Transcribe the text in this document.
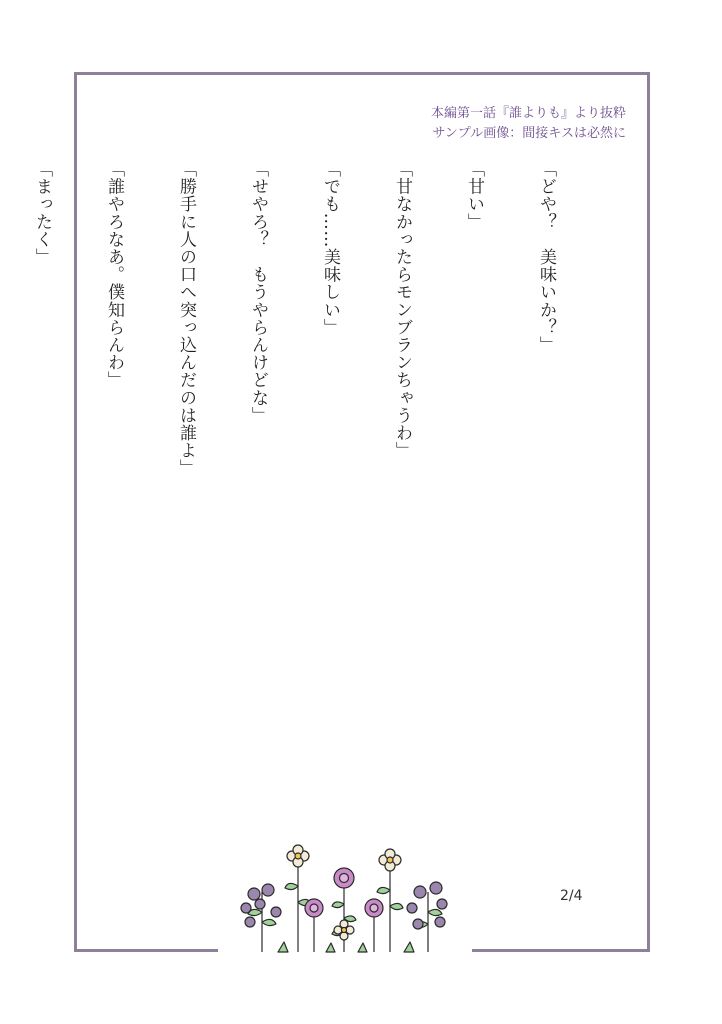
本編第一話『誰よりも』より抜粋
サンプル画像：間接キスは必然に

「どや？　美味いか？」

「甘い」

「甘なかったらモンブランちゃうわ」

「でも……美味しい」

「せやろ？　もうやらんけどな」

「勝手に人の口へ突っ込んだのは誰よ」

「誰やろなあ。僕知らんわ」

「まったく」

2/4
